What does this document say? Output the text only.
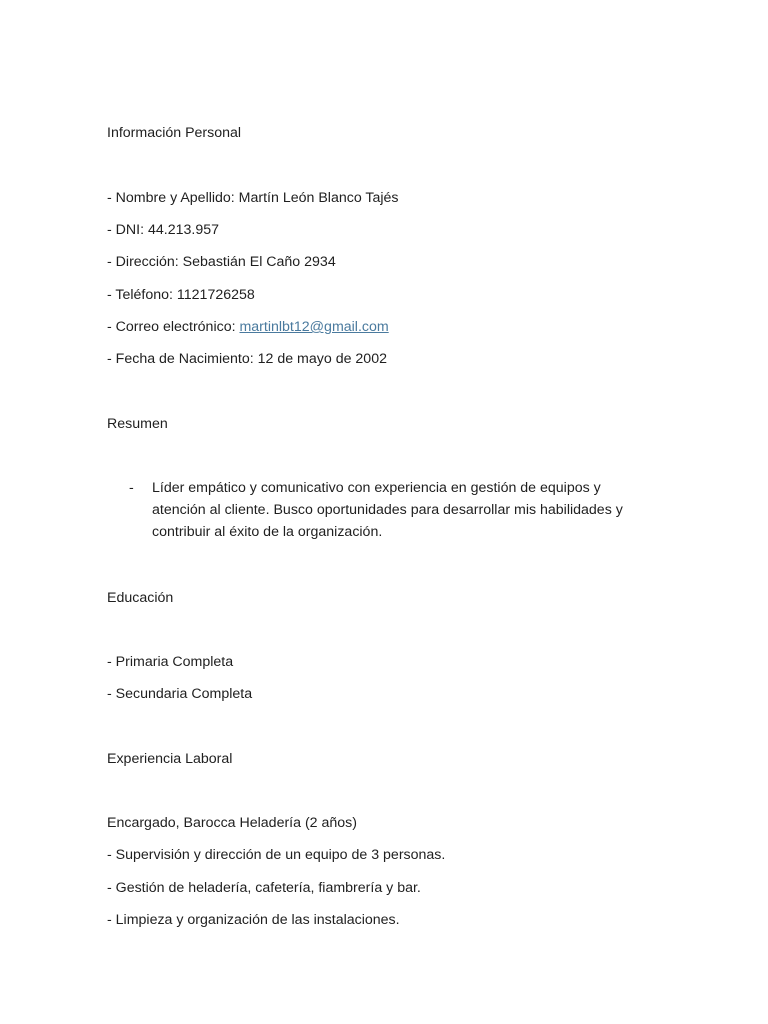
Información Personal
- Nombre y Apellido: Martín León Blanco Tajés
- DNI: 44.213.957
- Dirección: Sebastián El Caño 2934
- Teléfono: 1121726258
- Correo electrónico: martinlbt12@gmail.com
- Fecha de Nacimiento: 12 de mayo de 2002
Resumen
- Líder empático y comunicativo con experiencia en gestión de equipos y atención al cliente. Busco oportunidades para desarrollar mis habilidades y contribuir al éxito de la organización.
Educación
- Primaria Completa
- Secundaria Completa
Experiencia Laboral
Encargado, Barocca Heladería (2 años)
- Supervisión y dirección de un equipo de 3 personas.
- Gestión de heladería, cafetería, fiambrería y bar.
- Limpieza y organización de las instalaciones.
